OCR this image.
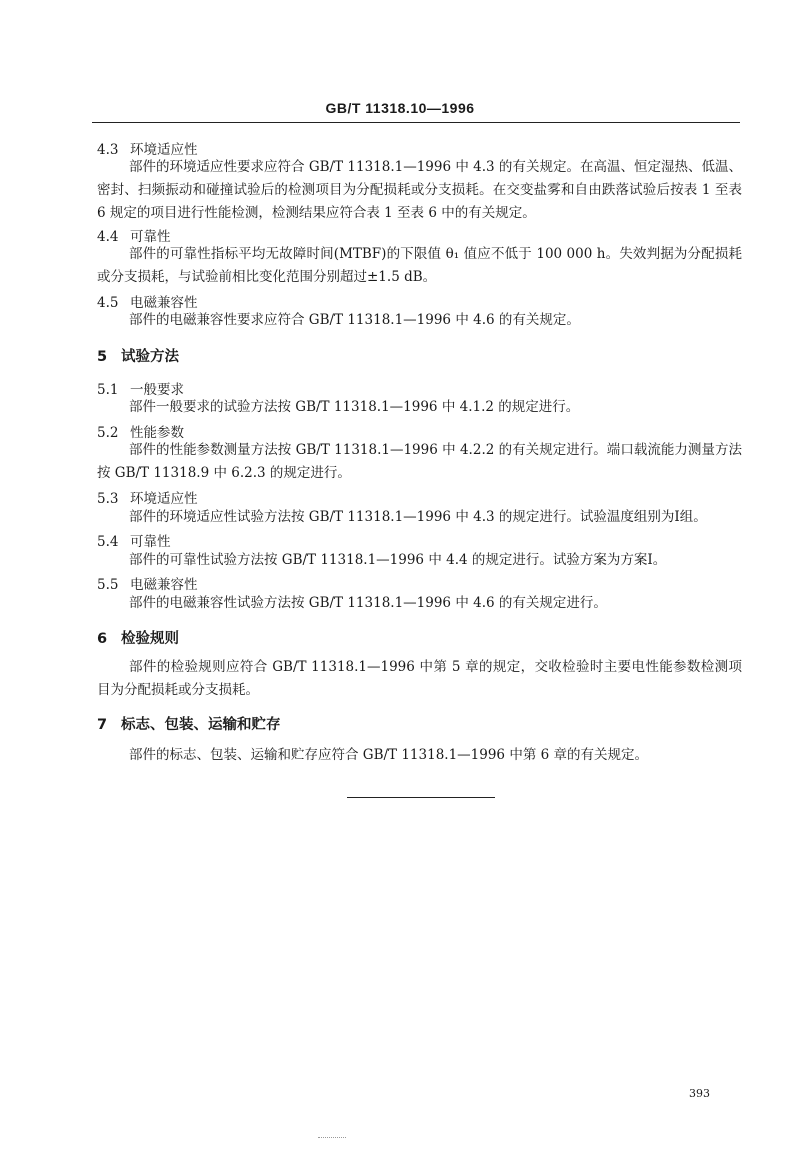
GB/T 11318.10—1996
4.3 环境适应性
部件的环境适应性要求应符合 GB/T 11318.1—1996 中 4.3 的有关规定。在高温、恒定湿热、低温、密封、扫频振动和碰撞试验后的检测项目为分配损耗或分支损耗。在交变盐雾和自由跌落试验后按表 1 至表 6 规定的项目进行性能检测，检测结果应符合表 1 至表 6 中的有关规定。
4.4 可靠性
部件的可靠性指标平均无故障时间(MTBF)的下限值 θ₁ 值应不低于 100 000 h。失效判据为分配损耗或分支损耗，与试验前相比变化范围分别超过±1.5 dB。
4.5 电磁兼容性
部件的电磁兼容性要求应符合 GB/T 11318.1—1996 中 4.6 的有关规定。
5 试验方法
5.1 一般要求
部件一般要求的试验方法按 GB/T 11318.1—1996 中 4.1.2 的规定进行。
5.2 性能参数
部件的性能参数测量方法按 GB/T 11318.1—1996 中 4.2.2 的有关规定进行。端口载流能力测量方法按 GB/T 11318.9 中 6.2.3 的规定进行。
5.3 环境适应性
部件的环境适应性试验方法按 GB/T 11318.1—1996 中 4.3 的规定进行。试验温度组别为Ⅰ组。
5.4 可靠性
部件的可靠性试验方法按 GB/T 11318.1—1996 中 4.4 的规定进行。试验方案为方案Ⅰ。
5.5 电磁兼容性
部件的电磁兼容性试验方法按 GB/T 11318.1—1996 中 4.6 的有关规定进行。
6 检验规则
部件的检验规则应符合 GB/T 11318.1—1996 中第 5 章的规定，交收检验时主要电性能参数检测项目为分配损耗或分支损耗。
7 标志、包装、运输和贮存
部件的标志、包装、运输和贮存应符合 GB/T 11318.1—1996 中第 6 章的有关规定。
393
